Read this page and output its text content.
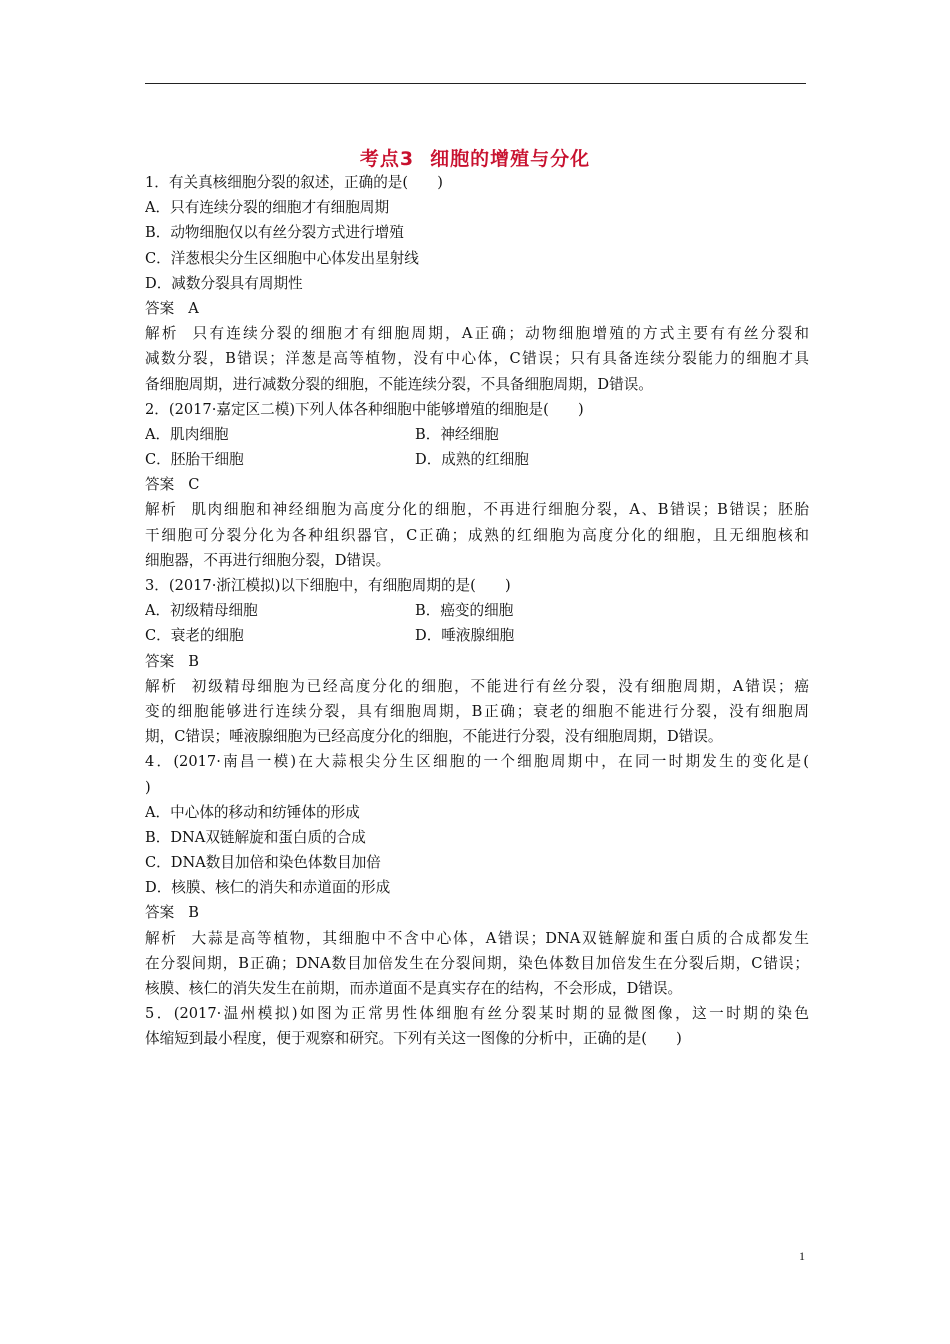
考点3 细胞的增殖与分化
1．有关真核细胞分裂的叙述，正确的是(　　)
A．只有连续分裂的细胞才有细胞周期
B．动物细胞仅以有丝分裂方式进行增殖
C．洋葱根尖分生区细胞中心体发出星射线
D．减数分裂具有周期性
答案 A
解析 只有连续分裂的细胞才有细胞周期，A正确；动物细胞增殖的方式主要有有丝分裂和
减数分裂，B错误；洋葱是高等植物，没有中心体，C错误；只有具备连续分裂能力的细胞才具
备细胞周期，进行减数分裂的细胞，不能连续分裂，不具备细胞周期，D错误。
2．(2017·嘉定区二模)下列人体各种细胞中能够增殖的细胞是(　　)
A．肌肉细胞	B．神经细胞
C．胚胎干细胞	D．成熟的红细胞
答案 C
解析 肌肉细胞和神经细胞为高度分化的细胞，不再进行细胞分裂，A、B错误；B错误；胚胎
干细胞可分裂分化为各种组织器官，C正确；成熟的红细胞为高度分化的细胞，且无细胞核和
细胞器，不再进行细胞分裂，D错误。
3．(2017·浙江模拟)以下细胞中，有细胞周期的是(　　)
A．初级精母细胞	B．癌变的细胞
C．衰老的细胞	D．唾液腺细胞
答案 B
解析 初级精母细胞为已经高度分化的细胞，不能进行有丝分裂，没有细胞周期，A错误；癌
变的细胞能够进行连续分裂，具有细胞周期，B正确；衰老的细胞不能进行分裂，没有细胞周
期，C错误；唾液腺细胞为已经高度分化的细胞，不能进行分裂，没有细胞周期，D错误。
4．(2017·南昌一模)在大蒜根尖分生区细胞的一个细胞周期中，在同一时期发生的变化是(
)
A．中心体的移动和纺锤体的形成
B．DNA双链解旋和蛋白质的合成
C．DNA数目加倍和染色体数目加倍
D．核膜、核仁的消失和赤道面的形成
答案 B
解析 大蒜是高等植物，其细胞中不含中心体，A错误；DNA双链解旋和蛋白质的合成都发生
在分裂间期，B正确；DNA数目加倍发生在分裂间期，染色体数目加倍发生在分裂后期，C错误；
核膜、核仁的消失发生在前期，而赤道面不是真实存在的结构，不会形成，D错误。
5．(2017·温州模拟)如图为正常男性体细胞有丝分裂某时期的显微图像，这一时期的染色
体缩短到最小程度，便于观察和研究。下列有关这一图像的分析中，正确的是(　　)
1
